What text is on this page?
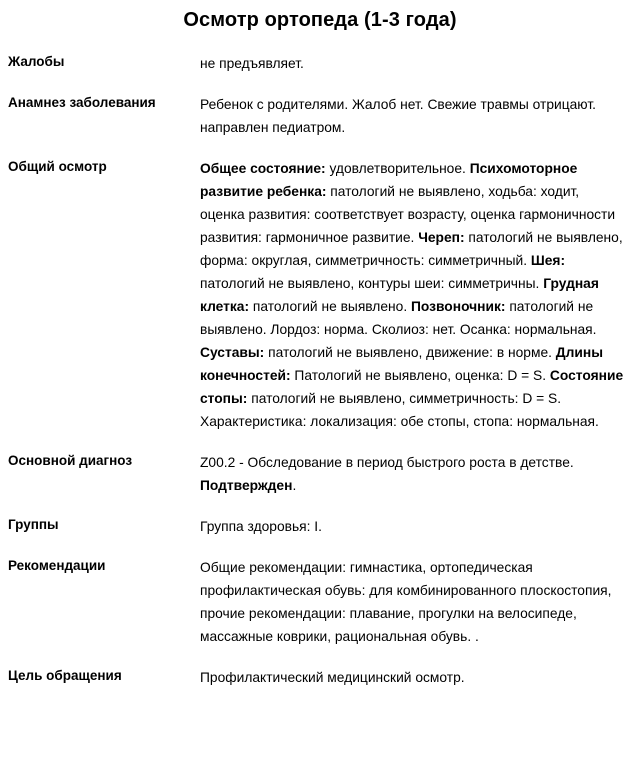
Осмотр ортопеда (1-3 года)
Жалобы	не предъявляет.
Анамнез заболевания	Ребенок с родителями. Жалоб нет. Свежие травмы отрицают. направлен педиатром.
Общий осмотр	Общее состояние: удовлетворительное. Психомоторное развитие ребенка: патологий не выявлено, ходьба: ходит, оценка развития: соответствует возрасту, оценка гармоничности развития: гармоничное развитие. Череп: патологий не выявлено, форма: округлая, симметричность: симметричный. Шея: патологий не выявлено, контуры шеи: симметричны. Грудная клетка: патологий не выявлено. Позвоночник: патологий не выявлено. Лордоз: норма. Сколиоз: нет. Осанка: нормальная. Суставы: патологий не выявлено, движение: в норме. Длины конечностей: Патологий не выявлено, оценка: D = S. Состояние стопы: патологий не выявлено, симметричность: D = S. Характеристика: локализация: обе стопы, стопа: нормальная.
Основной диагноз	Z00.2 - Обследование в период быстрого роста в детстве. Подтвержден.
Группы	Группа здоровья: I.
Рекомендации	Общие рекомендации: гимнастика, ортопедическая профилактическая обувь: для комбинированного плоскостопия, прочие рекомендации: плавание, прогулки на велосипеде, массажные коврики, рациональная обувь. .
Цель обращения	Профилактический медицинский осмотр.
